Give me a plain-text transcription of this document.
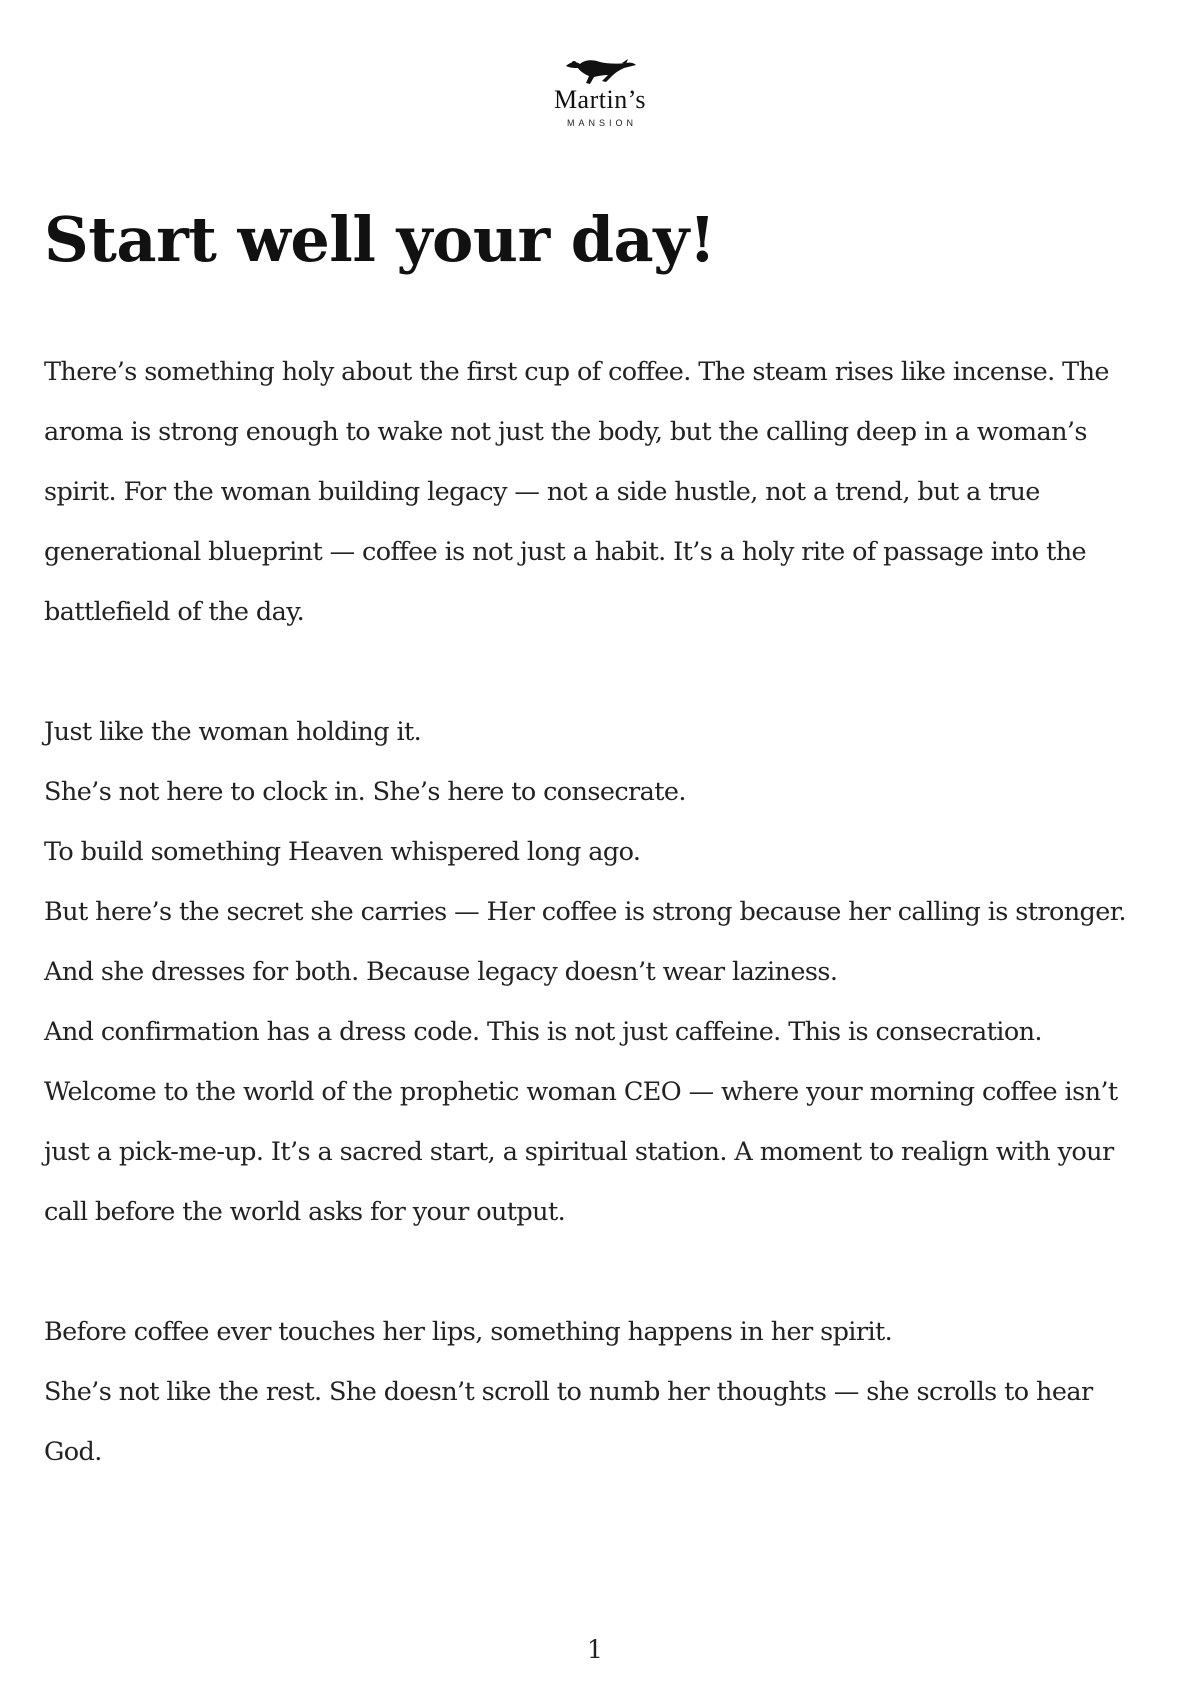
Martin’s
MANSION
Start well your day!

There’s something holy about the first cup of coffee. The steam rises like incense. The aroma is strong enough to wake not just the body, but the calling deep in a woman’s spirit. For the woman building legacy — not a side hustle, not a trend, but a true generational blueprint — coffee is not just a habit. It’s a holy rite of passage into the battlefield of the day.

Just like the woman holding it.

She’s not here to clock in. She’s here to consecrate.

To build something Heaven whispered long ago.

But here’s the secret she carries — Her coffee is strong because her calling is stronger.

And she dresses for both. Because legacy doesn’t wear laziness.

And confirmation has a dress code. This is not just caffeine. This is consecration.

Welcome to the world of the prophetic woman CEO — where your morning coffee isn’t just a pick-me-up. It’s a sacred start, a spiritual station. A moment to realign with your call before the world asks for your output.

Before coffee ever touches her lips, something happens in her spirit.

She’s not like the rest. She doesn’t scroll to numb her thoughts — she scrolls to hear God.

1
